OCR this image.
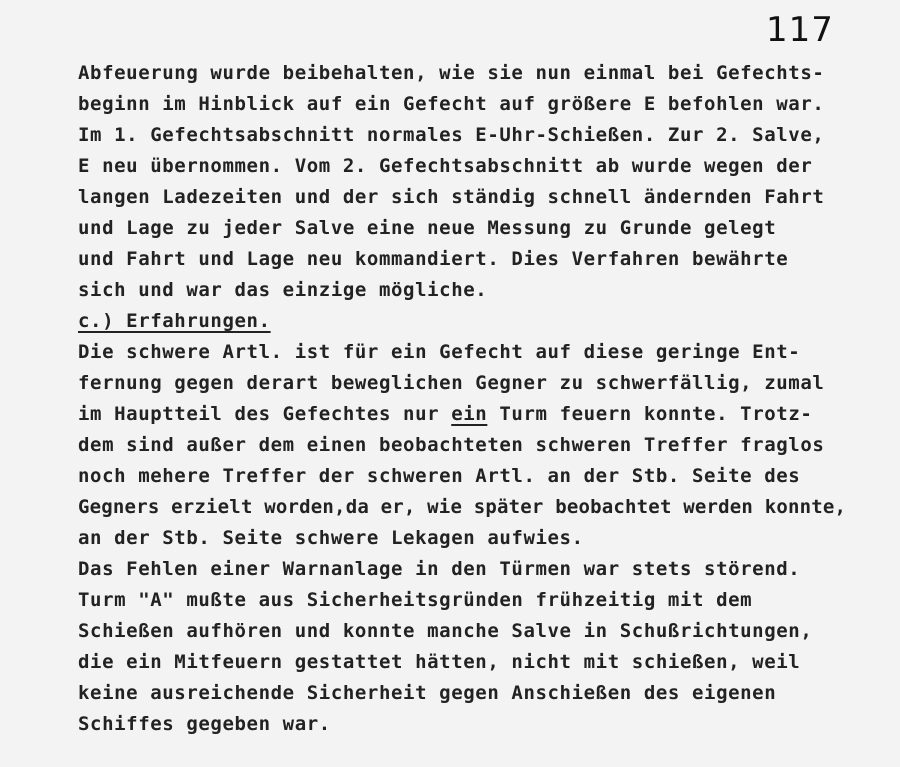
117
Abfeuerung wurde beibehalten, wie sie nun einmal bei Gefechts-
beginn im Hinblick auf ein Gefecht auf größere E befohlen war.
Im 1. Gefechtsabschnitt normales E-Uhr-Schießen. Zur 2. Salve,
E neu übernommen. Vom 2. Gefechtsabschnitt ab wurde wegen der
langen Ladezeiten und der sich ständig schnell ändernden Fahrt
und Lage zu jeder Salve eine neue Messung zu Grunde gelegt
und Fahrt und Lage neu kommandiert. Dies Verfahren bewährte
sich und war das einzige mögliche.
c.) Erfahrungen.
Die schwere Artl. ist für ein Gefecht auf diese geringe Ent-
fernung gegen derart beweglichen Gegner zu schwerfällig, zumal
im Hauptteil des Gefechtes nur ein Turm feuern konnte. Trotz-
dem sind außer dem einen beobachteten schweren Treffer fraglos
noch mehere Treffer der schweren Artl. an der Stb. Seite des
Gegners erzielt worden,da er, wie später beobachtet werden konnte,
an der Stb. Seite schwere Lekagen aufwies.
Das Fehlen einer Warnanlage in den Türmen war stets störend.
Turm "A" mußte aus Sicherheitsgründen frühzeitig mit dem
Schießen aufhören und konnte manche Salve in Schußrichtungen,
die ein Mitfeuern gestattet hätten, nicht mit schießen, weil
keine ausreichende Sicherheit gegen Anschießen des eigenen
Schiffes gegeben war.
